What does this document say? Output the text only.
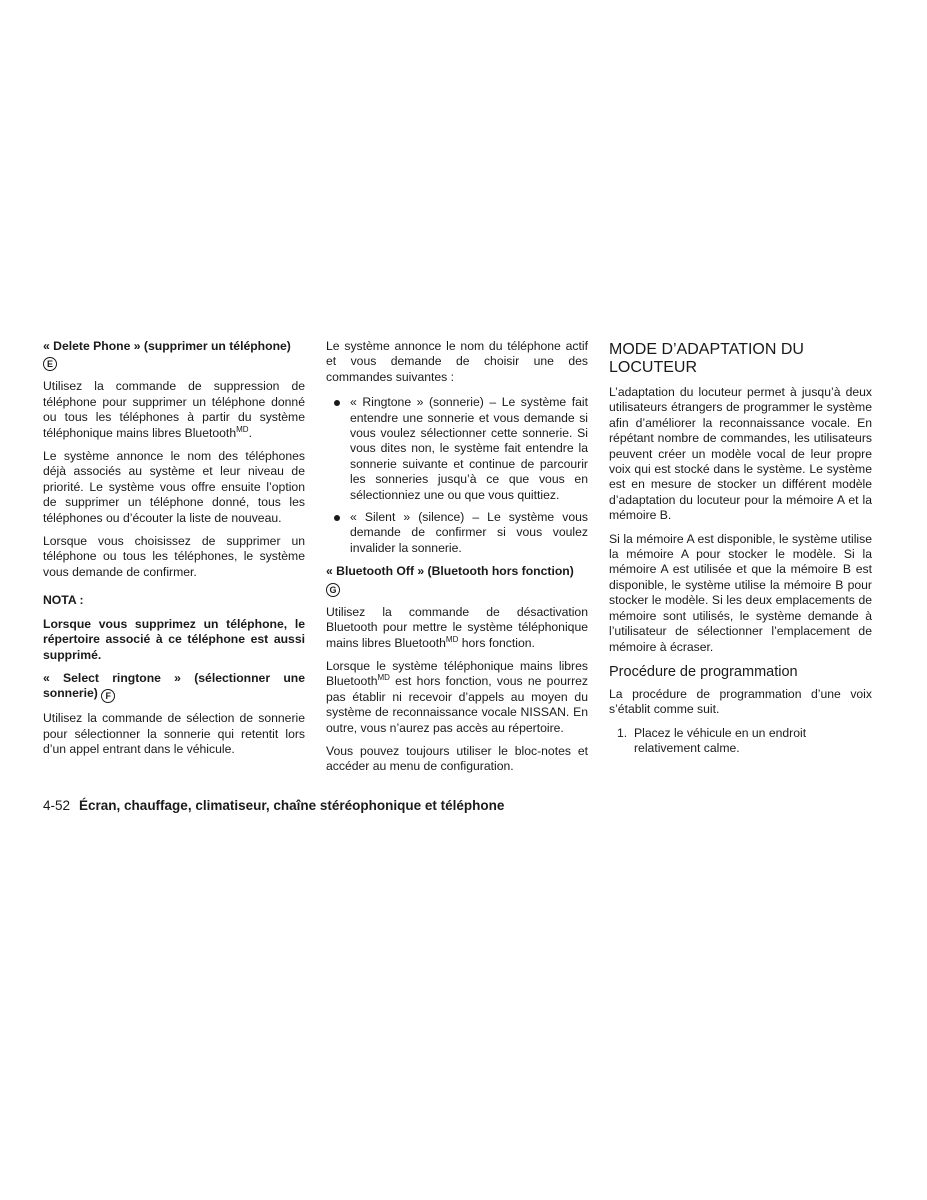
« Delete Phone » (supprimer un téléphone)
E

Utilisez la commande de suppression de téléphone pour supprimer un téléphone donné ou tous les téléphones à partir du système téléphonique mains libres Bluetooth$^{MD}$.

Le système annonce le nom des téléphones déjà associés au système et leur niveau de priorité. Le système vous offre ensuite l’option de supprimer un téléphone donné, tous les téléphones ou d’écouter la liste de nouveau.

Lorsque vous choisissez de supprimer un téléphone ou tous les téléphones, le système vous demande de confirmer.

NOTA :
Lorsque vous supprimez un téléphone, le répertoire associé à ce téléphone est aussi supprimé.
« Select ringtone » (sélectionner une sonnerie) F

Utilisez la commande de sélection de sonnerie pour sélectionner la sonnerie qui retentit lors d’un appel entrant dans le véhicule.

Le système annonce le nom du téléphone actif et vous demande de choisir une des commandes suivantes :

« Ringtone » (sonnerie) – Le système fait entendre une sonnerie et vous demande si vous voulez sélectionner cette sonnerie. Si vous dites non, le système fait entendre la sonnerie suivante et continue de parcourir les sonneries jusqu’à ce que vous en sélectionniez une ou que vous quittiez.
« Silent » (silence) – Le système vous demande de confirmer si vous voulez invalider la sonnerie.
« Bluetooth Off » (Bluetooth hors fonction)
G

Utilisez la commande de désactivation Bluetooth pour mettre le système téléphonique mains libres Bluetooth$^{MD}$ hors fonction.

Lorsque le système téléphonique mains libres Bluetooth$^{MD}$ est hors fonction, vous ne pourrez pas établir ni recevoir d’appels au moyen du système de reconnaissance vocale NISSAN. En outre, vous n’aurez pas accès au répertoire.

Vous pouvez toujours utiliser le bloc-notes et accéder au menu de configuration.

MODE D’ADAPTATION DU LOCUTEUR

L’adaptation du locuteur permet à jusqu’à deux utilisateurs étrangers de programmer le système afin d’améliorer la reconnaissance vocale. En répétant nombre de commandes, les utilisateurs peuvent créer un modèle vocal de leur propre voix qui est stocké dans le système. Le système est en mesure de stocker un différent modèle d’adaptation du locuteur pour la mémoire A et la mémoire B.

Si la mémoire A est disponible, le système utilise la mémoire A pour stocker le modèle. Si la mémoire A est utilisée et que la mémoire B est disponible, le système utilise la mémoire B pour stocker le modèle. Si les deux emplacements de mémoire sont utilisés, le système demande à l’utilisateur de sélectionner l’emplacement de mémoire à écraser.

Procédure de programmation

La procédure de programmation d’une voix s’établit comme suit.

1. Placez le véhicule en un endroit relativement calme.
4-52 Écran, chauffage, climatiseur, chaîne stéréophonique et téléphone
